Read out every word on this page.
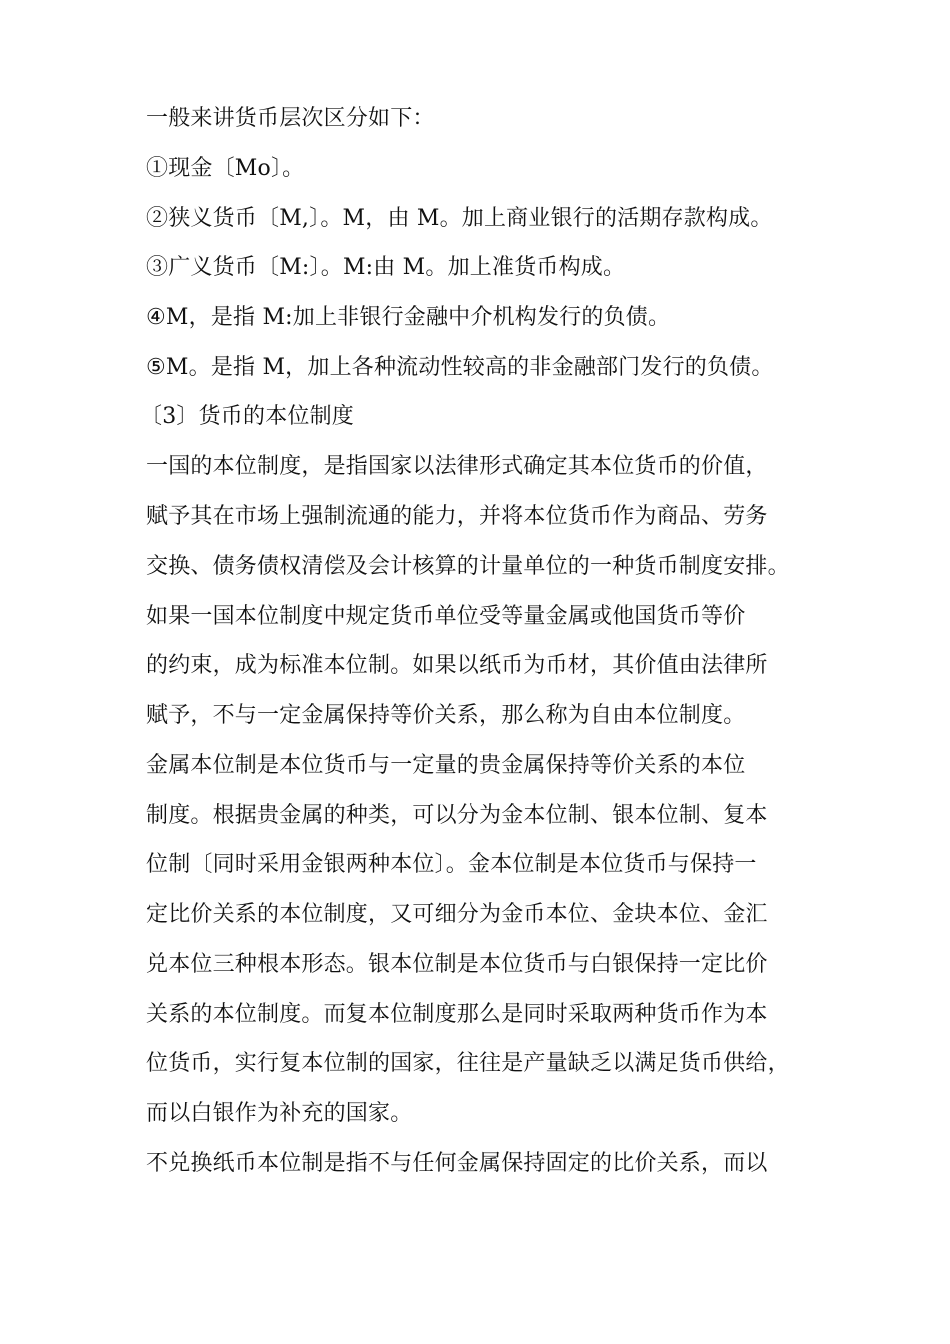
一般来讲货币层次区分如下：
①现金〔Mo〕。
②狭义货币〔M,〕。M，由 M。加上商业银行的活期存款构成。
③广义货币〔M:〕。M:由 M。加上准货币构成。
④M，是指 M:加上非银行金融中介机构发行的负债。
⑤M。是指 M，加上各种流动性较高的非金融部门发行的负债。
〔3〕货币的本位制度
一国的本位制度，是指国家以法律形式确定其本位货币的价值，
赋予其在市场上强制流通的能力，并将本位货币作为商品、劳务
交换、债务债权清偿及会计核算的计量单位的一种货币制度安排。
如果一国本位制度中规定货币单位受等量金属或他国货币等价
的约束，成为标准本位制。如果以纸币为币材，其价值由法律所
赋予，不与一定金属保持等价关系，那么称为自由本位制度。
金属本位制是本位货币与一定量的贵金属保持等价关系的本位
制度。根据贵金属的种类，可以分为金本位制、银本位制、复本
位制〔同时采用金银两种本位〕。金本位制是本位货币与保持一
定比价关系的本位制度，又可细分为金币本位、金块本位、金汇
兑本位三种根本形态。银本位制是本位货币与白银保持一定比价
关系的本位制度。而复本位制度那么是同时采取两种货币作为本
位货币，实行复本位制的国家，往往是产量缺乏以满足货币供给，
而以白银作为补充的国家。
不兑换纸币本位制是指不与任何金属保持固定的比价关系，而以
